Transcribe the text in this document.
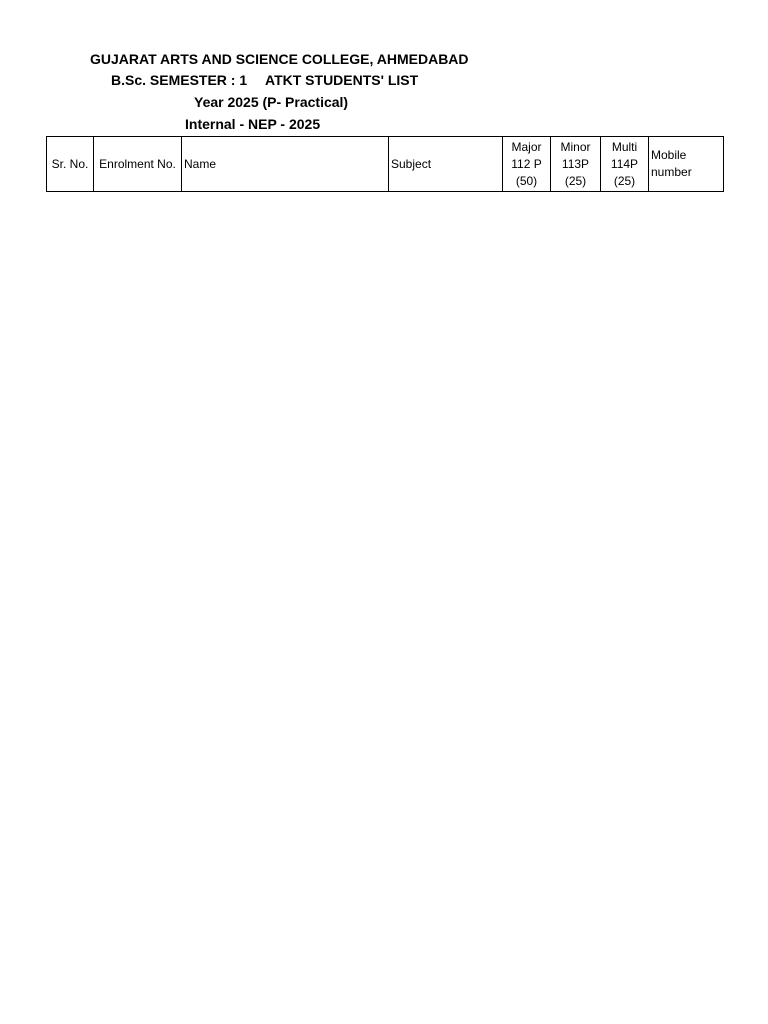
GUJARAT ARTS AND SCIENCE COLLEGE, AHMEDABAD
B.Sc. SEMESTER : 1 ATKT STUDENTS' LIST
Year 2025 (P- Practical)
Internal - NEP - 2025
Sr. No.	Enrolment No.	Name	Subject	Major 112 P (50)	Minor 113P (25)	Multi 114P (25)	Mobile number
